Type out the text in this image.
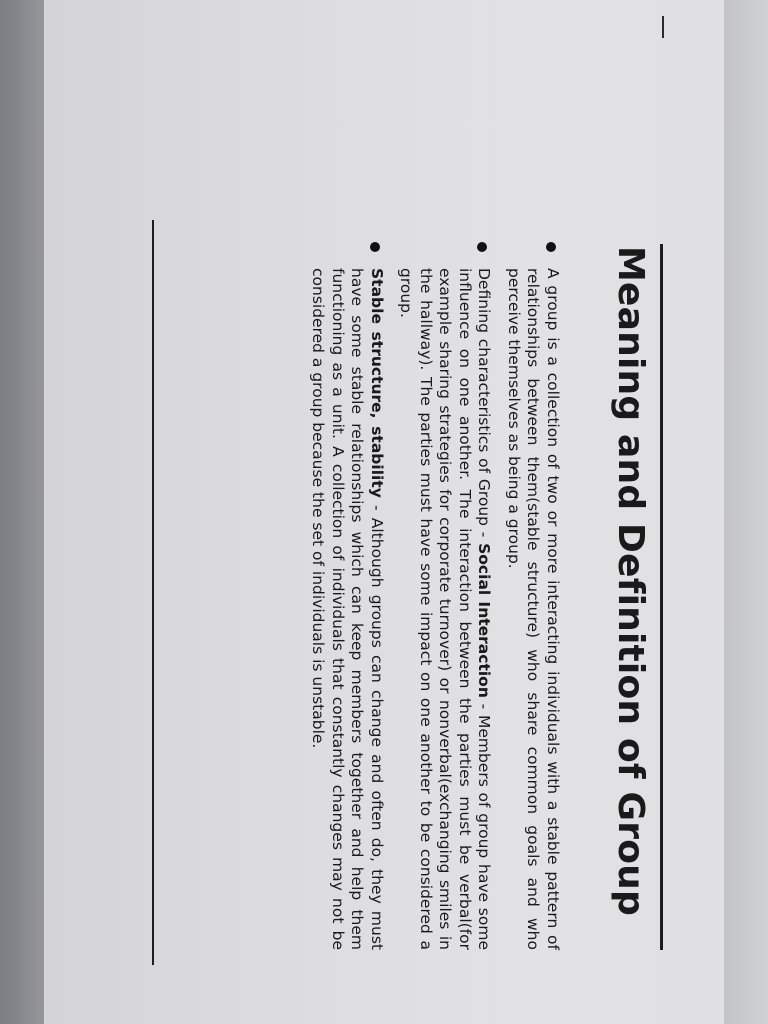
Meaning and Definition of Group

A group is a collection of two or more interacting individuals with a stable pattern of relationships between them(stable structure) who share common goals and who perceive themselves as being a group.

Defining characteristics of Group - Social Interaction - Members of group have some influence on one another. The interaction between the parties must be verbal(for example sharing strategies for corporate turnover) or nonverbal(exchanging smiles in the hallway). The parties must have some impact on one another to be considered a group.

Stable structure, stability - Although groups can change and often do, they must have some stable relationships which can keep members together and help them functioning as a unit. A collection of individuals that constantly changes may not be considered a group because the set of individuals is unstable.
